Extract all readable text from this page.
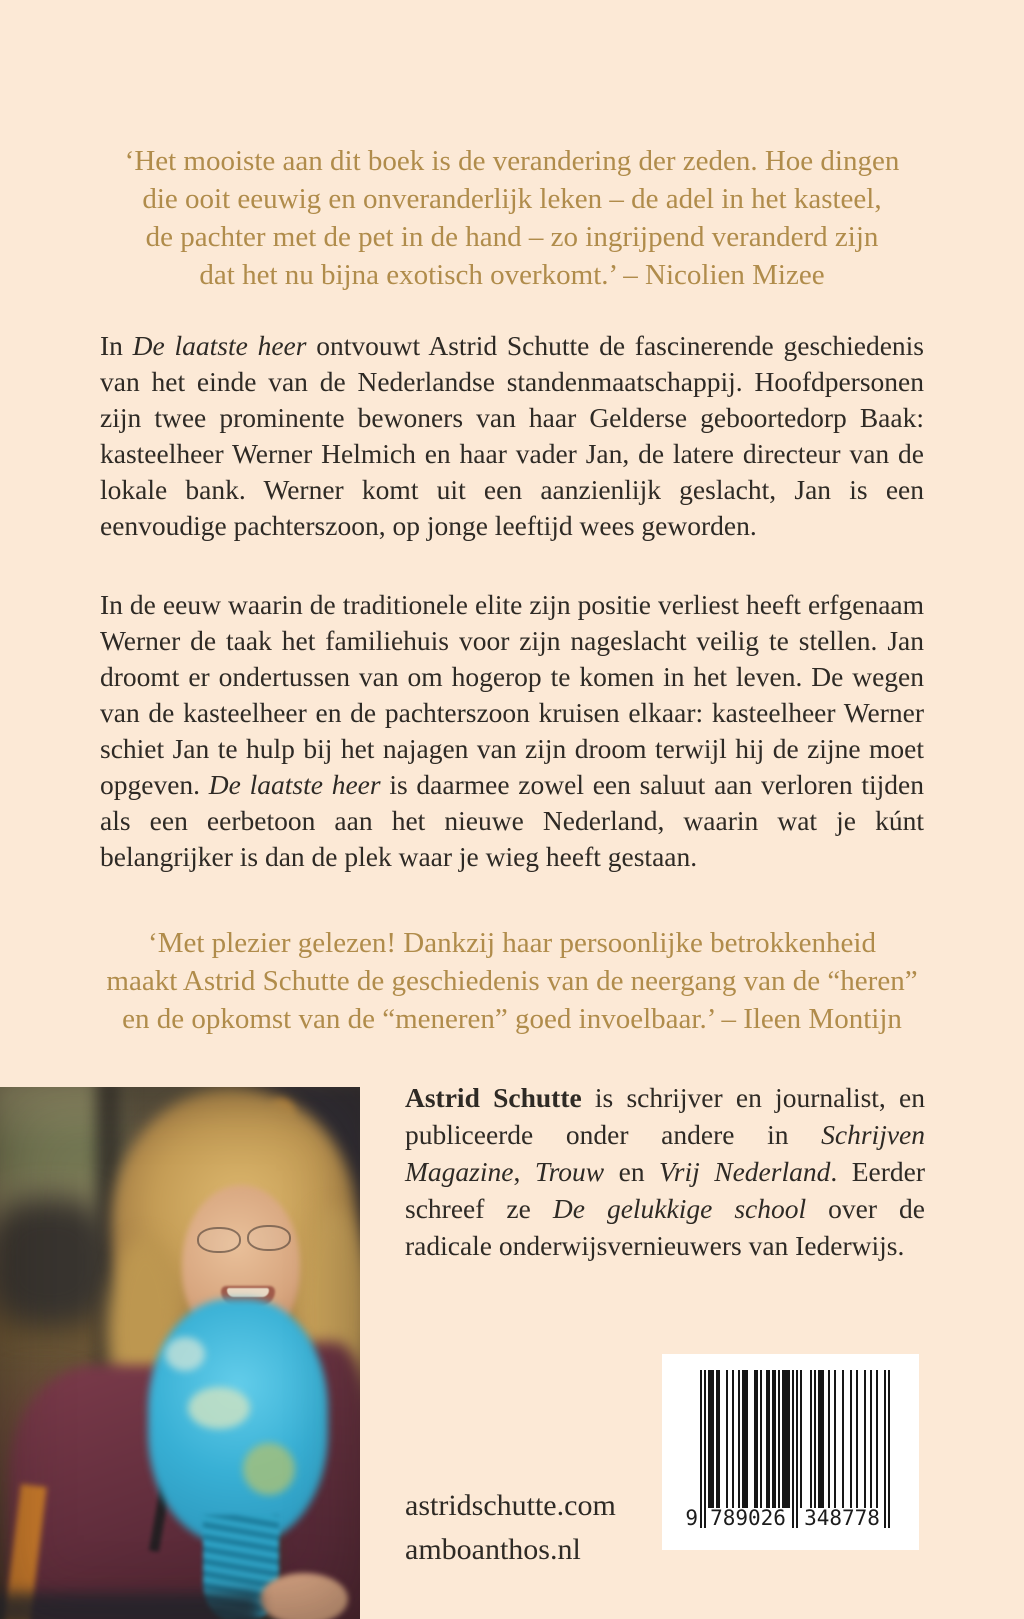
‘Het mooiste aan dit boek is de verandering der zeden. Hoe dingen
die ooit eeuwig en onveranderlijk leken – de adel in het kasteel,
de pachter met de pet in de hand – zo ingrijpend veranderd zijn
dat het nu bijna exotisch overkomt.’ – Nicolien Mizee
In De laatste heer ontvouwt Astrid Schutte de fascinerende geschiedenis van het einde van de Nederlandse standenmaatschappij. Hoofdpersonen zijn twee prominente bewoners van haar Gelderse geboortedorp Baak: kasteelheer Werner Helmich en haar vader Jan, de latere directeur van de lokale bank. Werner komt uit een aanzienlijk geslacht, Jan is een eenvoudige pachterszoon, op jonge leeftijd wees geworden.
In de eeuw waarin de traditionele elite zijn positie verliest heeft erfgenaam Werner de taak het familiehuis voor zijn nageslacht veilig te stellen. Jan droomt er ondertussen van om hogerop te komen in het leven. De wegen van de kasteelheer en de pachterszoon kruisen elkaar: kasteelheer Werner schiet Jan te hulp bij het najagen van zijn droom terwijl hij de zijne moet opgeven. De laatste heer is daarmee zowel een saluut aan verloren tijden als een eerbetoon aan het nieuwe Nederland, waarin wat je kúnt belangrijker is dan de plek waar je wieg heeft gestaan.
‘Met plezier gelezen! Dankzij haar persoonlijke betrokkenheid
maakt Astrid Schutte de geschiedenis van de neergang van de “heren”
en de opkomst van de “meneren” goed invoelbaar.’ – Ileen Montijn
Astrid Schutte is schrijver en journalist, en publiceerde onder andere in Schrijven Magazine, Trouw en Vrij Nederland. Eerder schreef ze De gelukkige school over de radicale onderwijsvernieuwers van Iederwijs.
astridschutte.com
amboanthos.nl
9 789026 348778
